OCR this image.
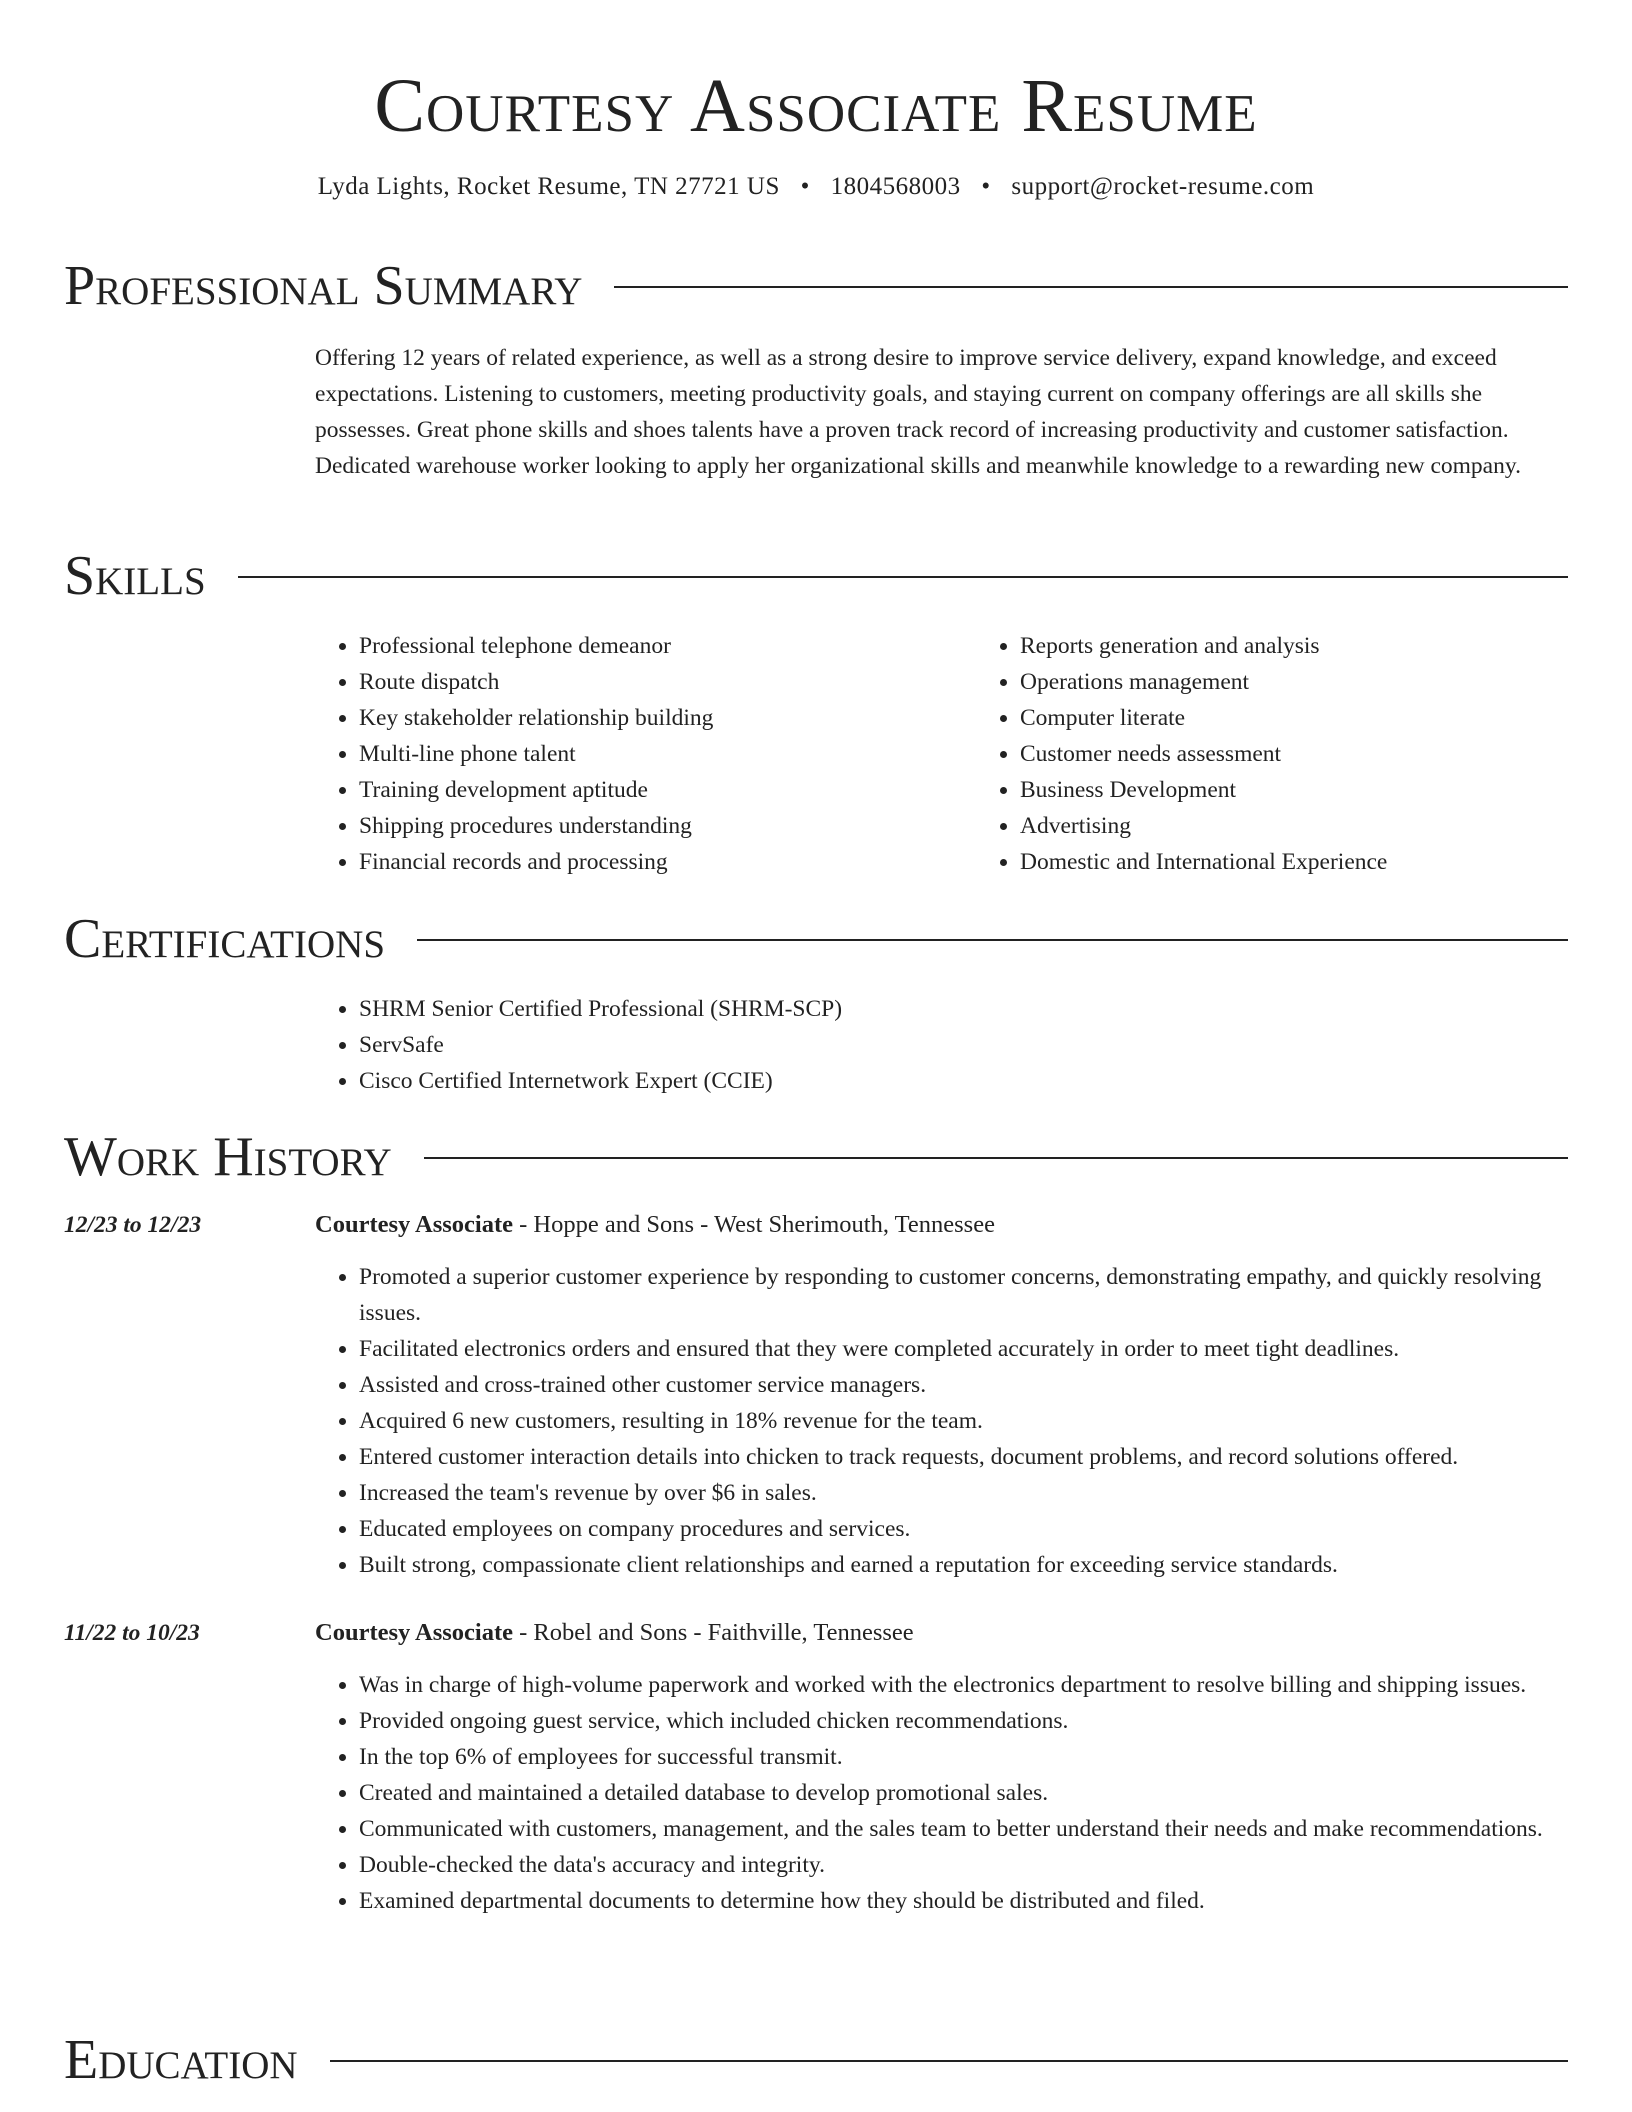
Courtesy Associate Resume
Lyda Lights, Rocket Resume, TN 27721 US • 1804568003 • support@rocket-resume.com
Professional Summary

Offering 12 years of related experience, as well as a strong desire to improve service delivery, expand knowledge, and exceed expectations. Listening to customers, meeting productivity goals, and staying current on company offerings are all skills she possesses. Great phone skills and shoes talents have a proven track record of increasing productivity and customer satisfaction. Dedicated warehouse worker looking to apply her organizational skills and meanwhile knowledge to a rewarding new company.

Skills
• Professional telephone demeanor
• Route dispatch
• Key stakeholder relationship building
• Multi-line phone talent
• Training development aptitude
• Shipping procedures understanding
• Financial records and processing
• Reports generation and analysis
• Operations management
• Computer literate
• Customer needs assessment
• Business Development
• Advertising
• Domestic and International Experience
Certifications
• SHRM Senior Certified Professional (SHRM-SCP)
• ServSafe
• Cisco Certified Internetwork Expert (CCIE)
Work History
12/23 to 12/23	Courtesy Associate - Hoppe and Sons - West Sherimouth, Tennessee
• Promoted a superior customer experience by responding to customer concerns, demonstrating empathy, and quickly resolving issues.
• Facilitated electronics orders and ensured that they were completed accurately in order to meet tight deadlines.
• Assisted and cross-trained other customer service managers.
• Acquired 6 new customers, resulting in 18% revenue for the team.
• Entered customer interaction details into chicken to track requests, document problems, and record solutions offered.
• Increased the team's revenue by over $6 in sales.
• Educated employees on company procedures and services.
• Built strong, compassionate client relationships and earned a reputation for exceeding service standards.
11/22 to 10/23	Courtesy Associate - Robel and Sons - Faithville, Tennessee
• Was in charge of high-volume paperwork and worked with the electronics department to resolve billing and shipping issues.
• Provided ongoing guest service, which included chicken recommendations.
• In the top 6% of employees for successful transmit.
• Created and maintained a detailed database to develop promotional sales.
• Communicated with customers, management, and the sales team to better understand their needs and make recommendations.
• Double-checked the data's accuracy and integrity.
• Examined departmental documents to determine how they should be distributed and filed.
Education
